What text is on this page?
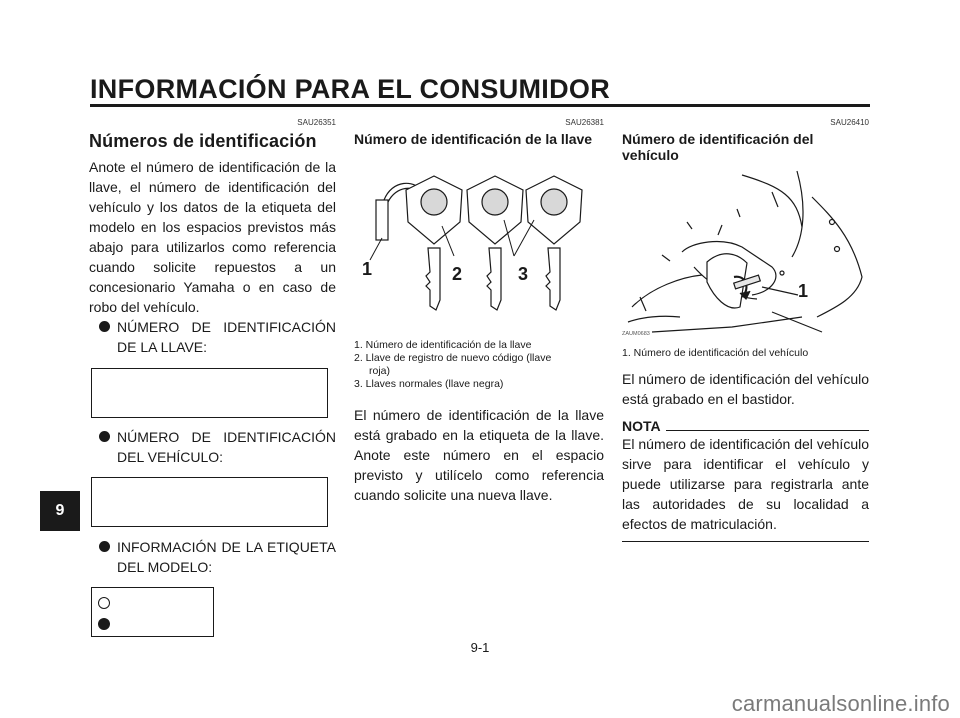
INFORMACIÓN PARA EL CONSUMIDOR
9
SAU26351
Números de identificación

Anote el número de identificación de la llave, el número de identificación del vehículo y los datos de la etiqueta del modelo en los espacios previstos más abajo para utilizarlos como referencia cuando solicite repuestos a un concesionario Yamaha o en caso de robo del vehículo.

NÚMERO DE IDENTIFICACIÓN DE LA LLAVE:
NÚMERO DE IDENTIFICACIÓN DEL VEHÍCULO:
INFORMACIÓN DE LA ETIQUETA DEL MODELO:
SAU26381
Número de identificación de la llave
1	2	3
1. Número de identificación de la llave
2. Llave de registro de nuevo código (llave
roja)
3. Llaves normales (llave negra)

El número de identificación de la llave está grabado en la etiqueta de la llave. Anote este número en el espacio previsto y utilícelo como referencia cuando solicite una nueva llave.

SAU26410
Número de identificación del vehículo
1
ZAUM0683
1. Número de identificación del vehículo

El número de identificación del vehículo está grabado en el bastidor.

NOTA

El número de identificación del vehículo sirve para identificar el vehículo y puede utilizarse para registrarla ante las autoridades de su localidad a efectos de matriculación.

9-1
carmanualsonline.info
